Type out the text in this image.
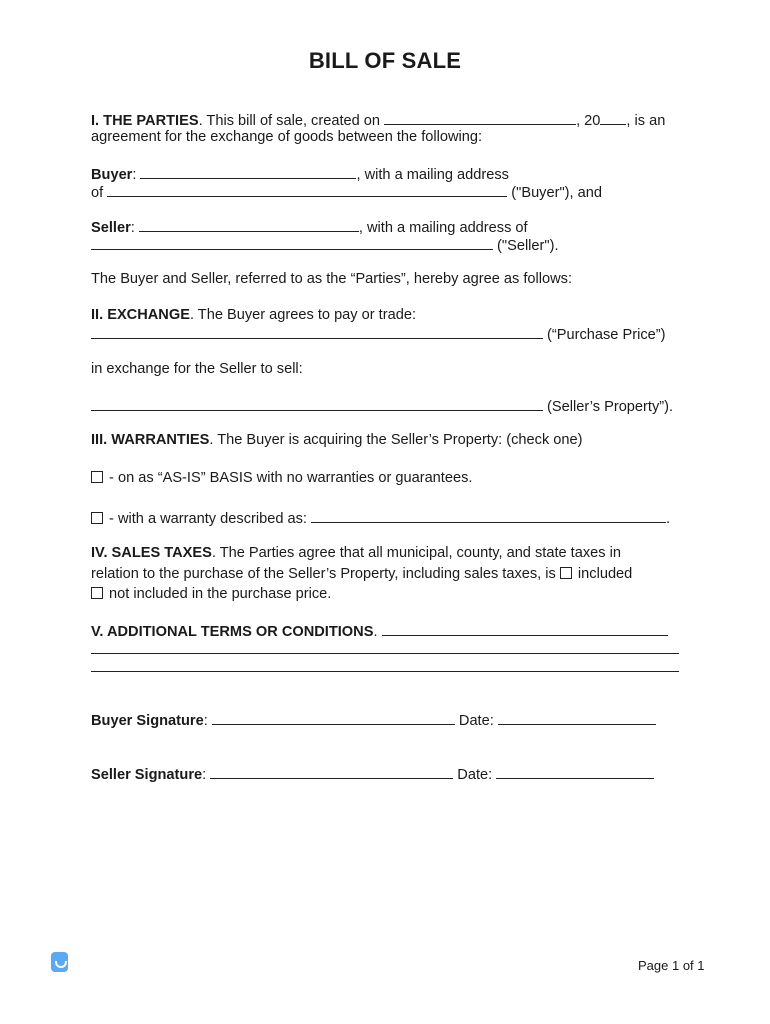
BILL OF SALE
I. THE PARTIES. This bill of sale, created on	, 20 , is an
agreement for the exchange of goods between the following:
Buyer:	, with a mailing address
of	("Buyer"), and
Seller:	, with a mailing address of
("Seller").
The Buyer and Seller, referred to as the “Parties”, hereby agree as follows:
II. EXCHANGE. The Buyer agrees to pay or trade:
(“Purchase Price”)
in exchange for the Seller to sell:
(Seller’s Property”).
III. WARRANTIES. The Buyer is acquiring the Seller’s Property: (check one)
- on as “AS-IS” BASIS with no warranties or guarantees.
- with a warranty described as:	.
IV. SALES TAXES. The Parties agree that all municipal, county, and state taxes in
relation to the purchase of the Seller’s Property, including sales taxes, is  included
not included in the purchase price.
V. ADDITIONAL TERMS OR CONDITIONS.
Buyer Signature:	Date:
Seller Signature:	Date:
Page 1 of 1
